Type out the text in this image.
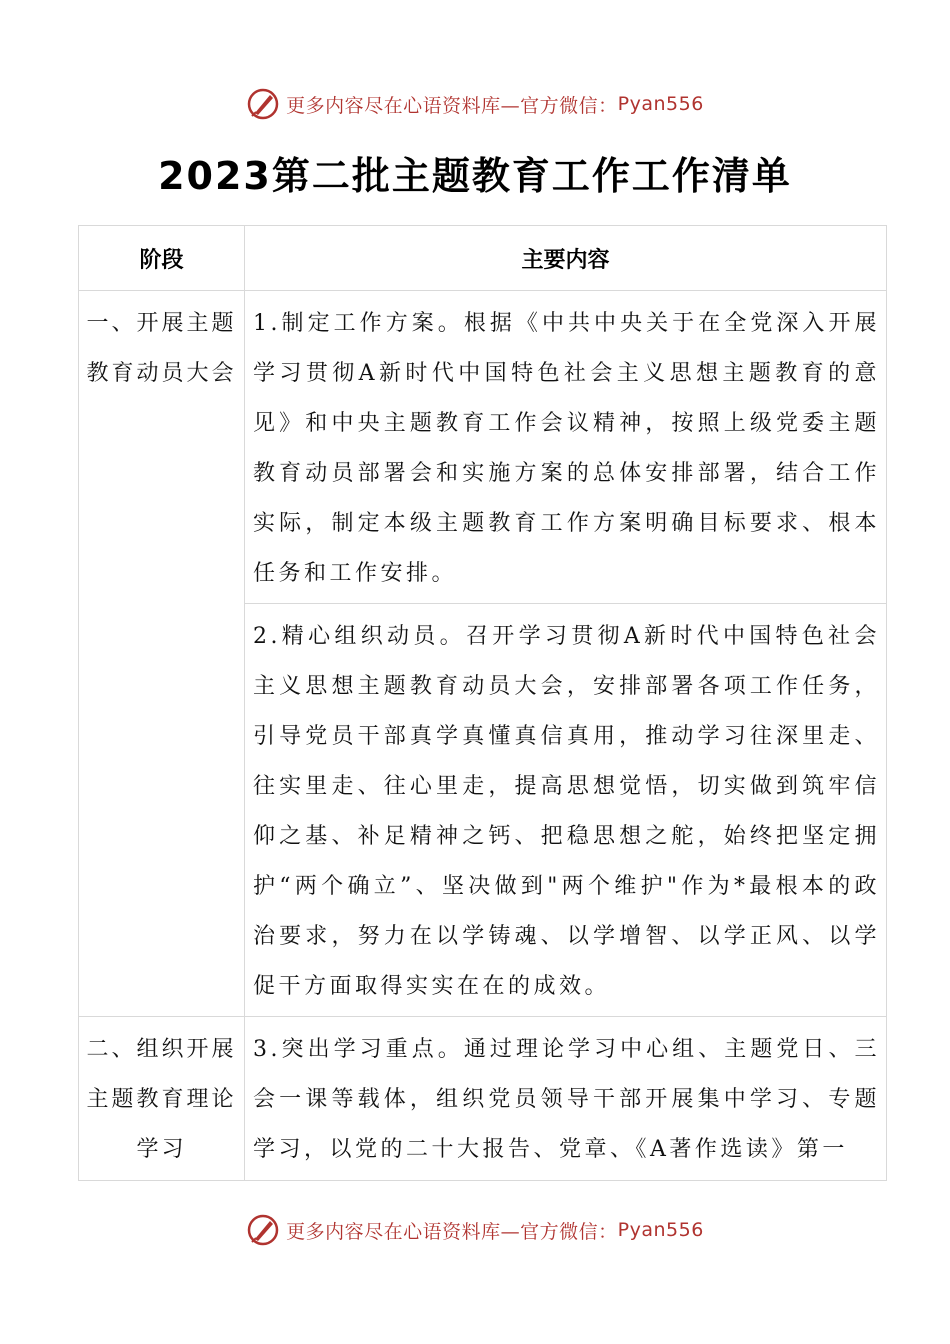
更多内容尽在心语资料库—官方微信： Pyan556
2023第二批主题教育工作工作清单
阶段	主要内容
一、开展主题教育动员大会	1.制定工作方案。根据《中共中央关于在全党深入开展学习贯彻A新时代中国特色社会主义思想主题教育的意见》和中央主题教育工作会议精神，按照上级党委主题教育动员部署会和实施方案的总体安排部署，结合工作实际，制定本级主题教育工作方案明确目标要求、根本任务和工作安排。
	2.精心组织动员。召开学习贯彻A新时代中国特色社会主义思想主题教育动员大会，安排部署各项工作任务，引导党员干部真学真懂真信真用，推动学习往深里走、往实里走、往心里走，提高思想觉悟，切实做到筑牢信仰之基、补足精神之钙、把稳思想之舵，始终把坚定拥护“两个确立”、坚决做到"两个维护"作为*最根本的政治要求，努力在以学铸魂、以学增智、以学正风、以学促干方面取得实实在在的成效。
二、组织开展主题教育理论学习	3.突出学习重点。通过理论学习中心组、主题党日、三会一课等载体，组织党员领导干部开展集中学习、专题学习，以党的二十大报告、党章、《A著作选读》第一
更多内容尽在心语资料库—官方微信： Pyan556
